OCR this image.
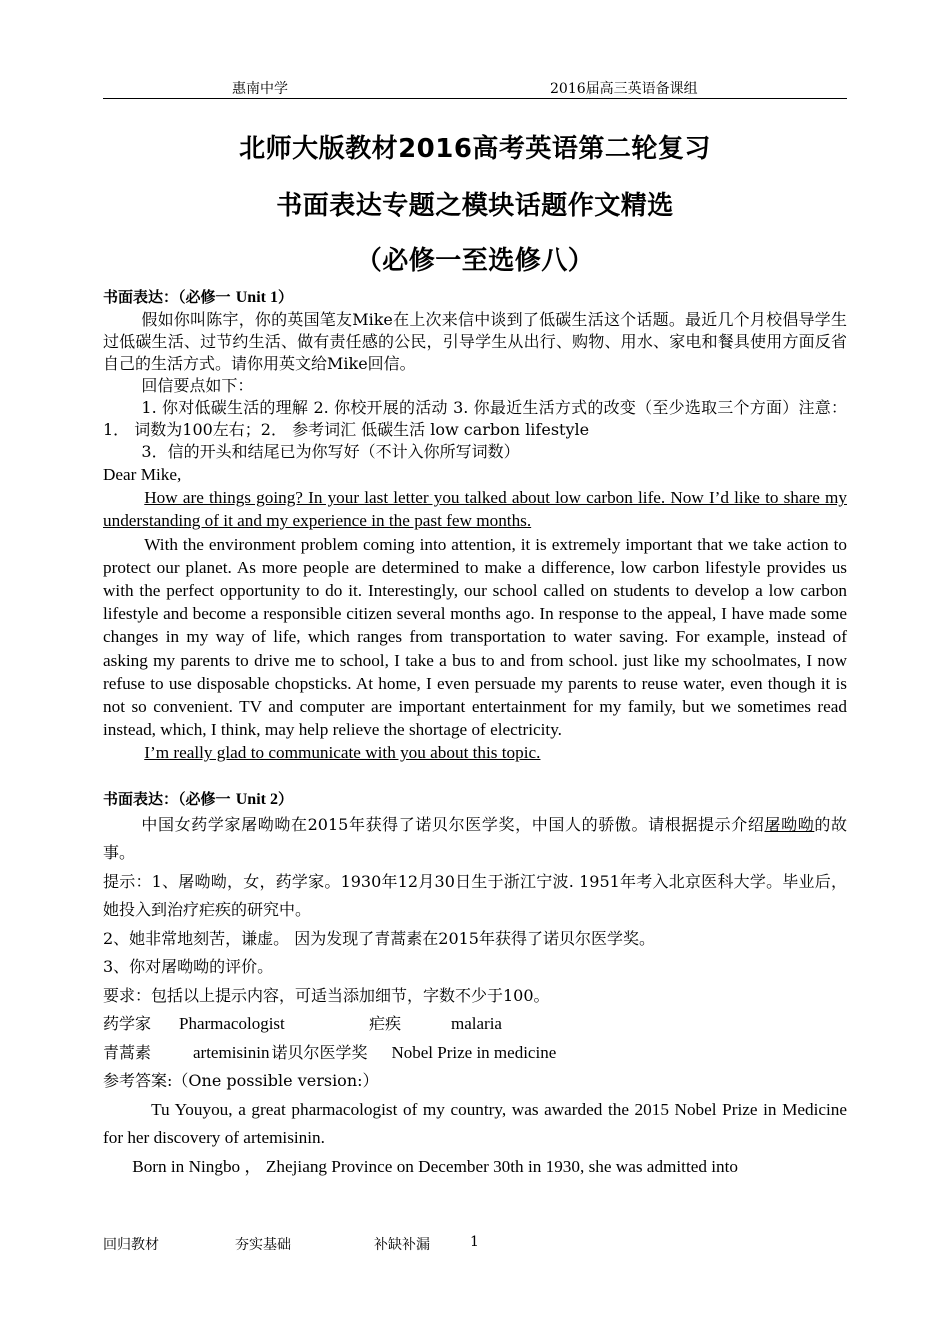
惠南中学	2016届高三英语备课组
北师大版教材2016高考英语第二轮复习
书面表达专题之模块话题作文精选
（必修一至选修八）
书面表达：（必修一 Unit 1）

假如你叫陈宇，你的英国笔友Mike在上次来信中谈到了低碳生活这个话题。最近几个月校倡导学生过低碳生活、过节约生活、做有责任感的公民，引导学生从出行、购物、用水、家电和餐具使用方面反省自己的生活方式。请你用英文给Mike回信。

回信要点如下：

1. 你对低碳生活的理解 2. 你校开展的活动 3. 你最近生活方式的改变（至少选取三个方面）注意：1． 词数为100左右；2． 参考词汇 低碳生活 low carbon lifestyle

3．信的开头和结尾已为你写好（不计入你所写词数）

Dear Mike,

How are things going? In your last letter you talked about low carbon life. Now I’d like to share my understanding of it and my experience in the past few months.

With the environment problem coming into attention, it is extremely important that we take action to protect our planet. As more people are determined to make a difference, low carbon lifestyle provides us with the perfect opportunity to do it. Interestingly, our school called on students to develop a low carbon lifestyle and become a responsible citizen several months ago. In response to the appeal, I have made some changes in my way of life, which ranges from transportation to water saving. For example, instead of asking my parents to drive me to school, I take a bus to and from school. just like my schoolmates, I now refuse to use disposable chopsticks. At home, I even persuade my parents to reuse water, even though it is not so convenient. TV and computer are important entertainment for my family, but we sometimes read instead, which, I think, may help relieve the shortage of electricity.

I’m really glad to communicate with you about this topic.

书面表达：（必修一 Unit 2）

中国女药学家屠呦呦在2015年获得了诺贝尔医学奖，中国人的骄傲。请根据提示介绍屠呦呦的故事。

提示：1、屠呦呦，女，药学家。1930年12月30日生于浙江宁波. 1951年考入北京医科大学。毕业后，她投入到治疗疟疾的研究中。

2、她非常地刻苦，谦虚。 因为发现了青蒿素在2015年获得了诺贝尔医学奖。

3、你对屠呦呦的评价。

要求：包括以上提示内容，可适当添加细节，字数不少于100。

药学家 Pharmacologist	疟疾	malaria

青蒿素 artemisinin 诺贝尔医学奖 Nobel Prize in medicine

参考答案:（One possible version:）

Tu Youyou, a great pharmacologist of my country, was awarded the 2015 Nobel Prize in Medicine for her discovery of artemisinin.

Born in Ningbo ， Zhejiang Province on December 30th in 1930, she was admitted into

回归教材	夯实基础	补缺补漏	1
